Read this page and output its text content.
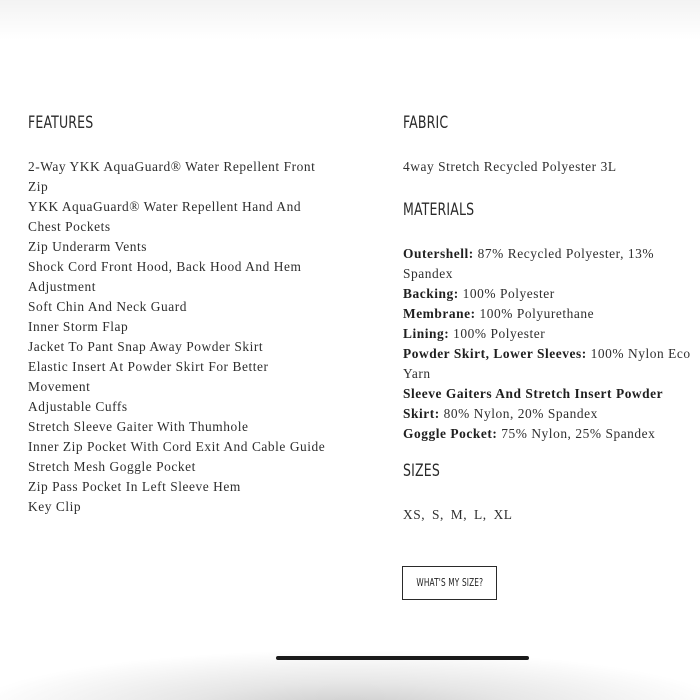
FEATURES
2-Way YKK AquaGuard® Water Repellent Front Zip
YKK AquaGuard® Water Repellent Hand And Chest Pockets
Zip Underarm Vents
Shock Cord Front Hood, Back Hood And Hem Adjustment
Soft Chin And Neck Guard
Inner Storm Flap
Jacket To Pant Snap Away Powder Skirt
Elastic Insert At Powder Skirt For Better Movement
Adjustable Cuffs
Stretch Sleeve Gaiter With Thumhole
Inner Zip Pocket With Cord Exit And Cable Guide
Stretch Mesh Goggle Pocket
Zip Pass Pocket In Left Sleeve Hem
Key Clip
FABRIC

4way Stretch Recycled Polyester 3L

MATERIALS
Outershell: 87% Recycled Polyester, 13% Spandex
Backing: 100% Polyester
Membrane: 100% Polyurethane
Lining: 100% Polyester
Powder Skirt, Lower Sleeves: 100% Nylon Eco Yarn
Sleeve Gaiters And Stretch Insert Powder Skirt: 80% Nylon, 20% Spandex
Goggle Pocket: 75% Nylon, 25% Spandex
SIZES

XS, S, M, L, XL

WHAT'S MY SIZE?
